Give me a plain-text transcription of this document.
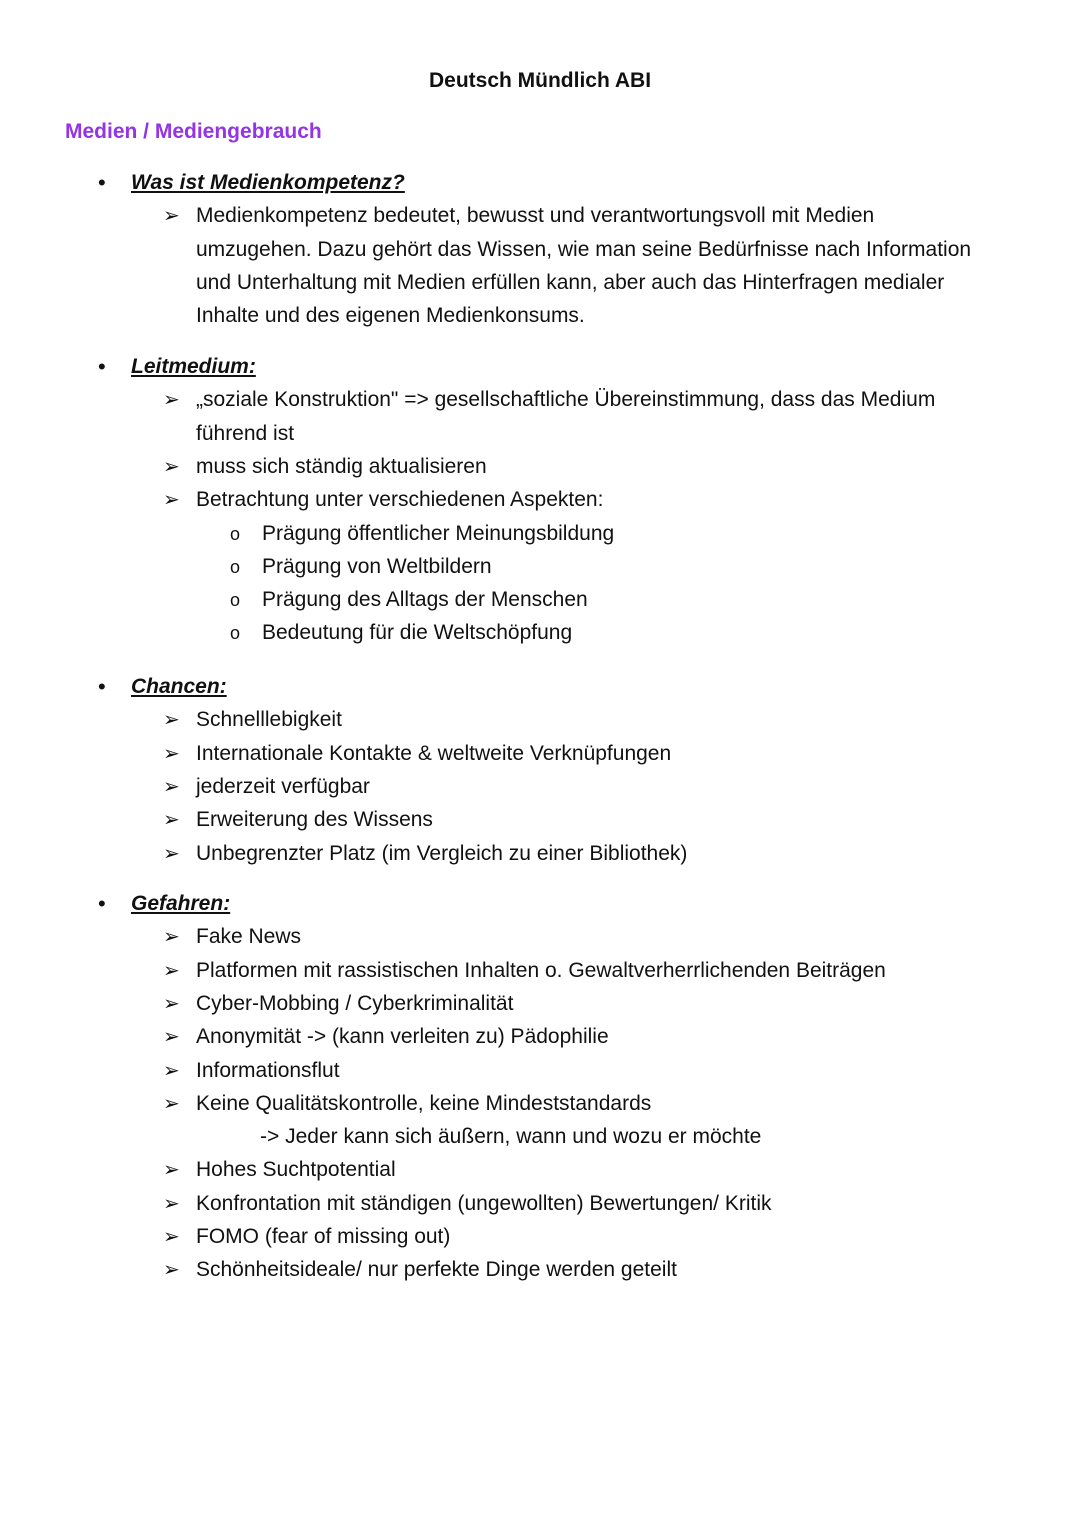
Deutsch Mündlich ABI
Medien / Mediengebrauch
• Was ist Medienkompetenz?
➢ Medienkompetenz bedeutet, bewusst und verantwortungsvoll mit Medien
umzugehen. Dazu gehört das Wissen, wie man seine Bedürfnisse nach Information
und Unterhaltung mit Medien erfüllen kann, aber auch das Hinterfragen medialer
Inhalte und des eigenen Medienkonsums.
• Leitmedium:
➢ „soziale Konstruktion" => gesellschaftliche Übereinstimmung, dass das Medium
führend ist
➢ muss sich ständig aktualisieren
➢ Betrachtung unter verschiedenen Aspekten:
o Prägung öffentlicher Meinungsbildung
o Prägung von Weltbildern
o Prägung des Alltags der Menschen
o Bedeutung für die Weltschöpfung
• Chancen:
➢ Schnelllebigkeit
➢ Internationale Kontakte & weltweite Verknüpfungen
➢ jederzeit verfügbar
➢ Erweiterung des Wissens
➢ Unbegrenzter Platz (im Vergleich zu einer Bibliothek)
• Gefahren:
➢ Fake News
➢ Platformen mit rassistischen Inhalten o. Gewaltverherrlichenden Beiträgen
➢ Cyber-Mobbing / Cyberkriminalität
➢ Anonymität -> (kann verleiten zu) Pädophilie
➢ Informationsflut
➢ Keine Qualitätskontrolle, keine Mindeststandards
-> Jeder kann sich äußern, wann und wozu er möchte
➢ Hohes Suchtpotential
➢ Konfrontation mit ständigen (ungewollten) Bewertungen/ Kritik
➢ FOMO (fear of missing out)
➢ Schönheitsideale/ nur perfekte Dinge werden geteilt
